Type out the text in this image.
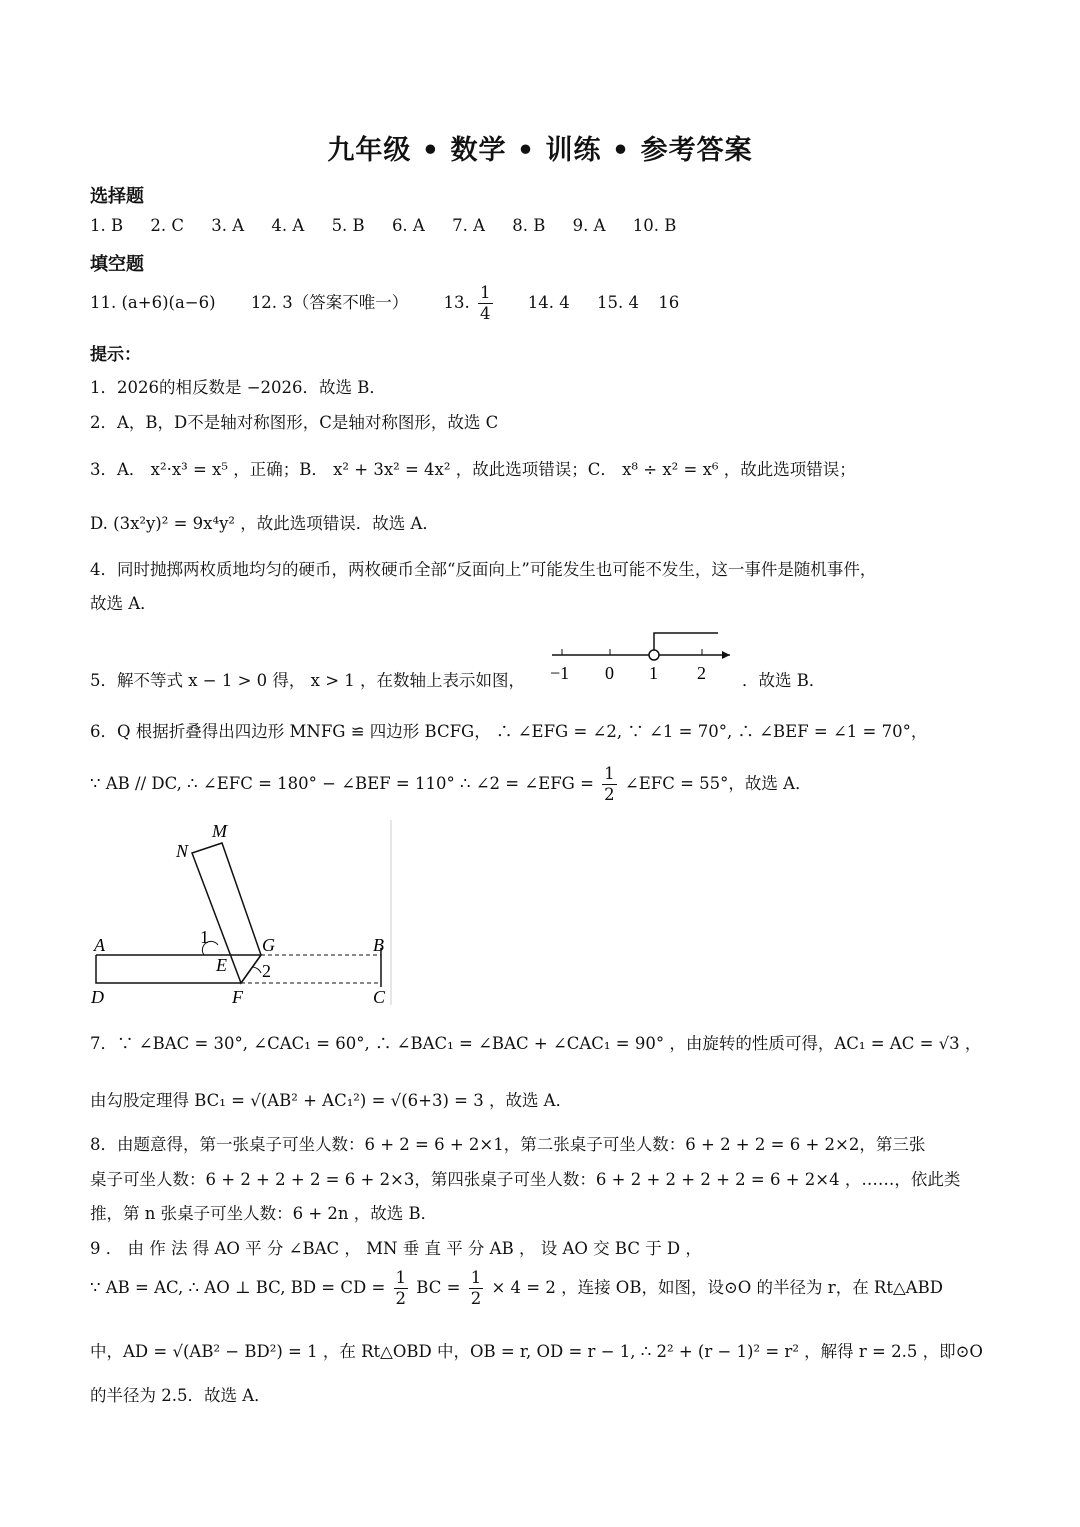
九年级 • 数学 • 训练 • 参考答案
选择题
1. B 2. C 3. A 4. A 5. B 6. A 7. A 8. B 9. A 10. B
填空题
11. (a+6)(a−6) 12. 3（答案不唯一） 13. $\frac{1}{4} 14$. 4 15. 4 16
提示：
1．2026的相反数是 −2026．故选 B．
2．A，B，D不是轴对称图形，C是轴对称图形，故选 C
3．A． x²·x³ = x⁵ ，正确；B． x² + 3x² = 4x² ，故此选项错误；C． x⁸ ÷ x² = x⁶ ，故此选项错误；
D. (3x²y)² = 9x⁴y² ，故此选项错误．故选 A．
4．同时抛掷两枚质地均匀的硬币，两枚硬币全部“反面向上”可能发生也可能不发生，这一事件是随机事件，
故选 A．
5．解不等式 x − 1 > 0 得， x > 1 ，在数轴上表示如图， −1 0 1 2 ．故选 B．
6．Q 根据折叠得出四边形 MNFG ≌ 四边形 BCFG， ∴ ∠EFG = ∠2, ∵ ∠1 = 70°, ∴ ∠BEF = ∠1 = 70°，
∵ AB // DC, ∴ ∠EFC = 180° − ∠BEF = 110° ∴ ∠2 = ∠EFG = $\frac{1}{2}$ ∠EFC = 55°，故选 A．
M
N
1
A	G	B
E 2
D	F	C
7．∵ ∠BAC = 30°, ∠CAC₁ = 60°, ∴ ∠BAC₁ = ∠BAC + ∠CAC₁ = 90° ，由旋转的性质可得，AC₁ = AC = √3 ，
由勾股定理得 BC₁ = √(AB² + AC₁²) = √(6+3) = 3 ，故选 A．
8．由题意得，第一张桌子可坐人数：6 + 2 = 6 + 2×1，第二张桌子可坐人数：6 + 2 + 2 = 6 + 2×2，第三张
桌子可坐人数：6 + 2 + 2 + 2 = 6 + 2×3，第四张桌子可坐人数：6 + 2 + 2 + 2 + 2 = 6 + 2×4 ，……，依此类
推，第 n 张桌子可坐人数：6 + 2n ，故选 B．
9 ． 由 作 法 得 AO 平 分 ∠BAC ， MN 垂 直 平 分 AB ， 设 AO 交 BC 于 D ，
∵ AB = AC, ∴ AO ⊥ BC, BD = CD = $\frac{1}{2}$ BC = $\frac{1}{2} \times 4 = 2$ ，连接 OB，如图，设⊙O 的半径为 r，在 Rt△ABD
中，AD = √(AB² − BD²) = 1 ，在 Rt△OBD 中，OB = r, OD = r − 1, ∴ 2² + (r − 1)² = r² ，解得 r = 2.5 ，即⊙O
的半径为 2.5．故选 A．
